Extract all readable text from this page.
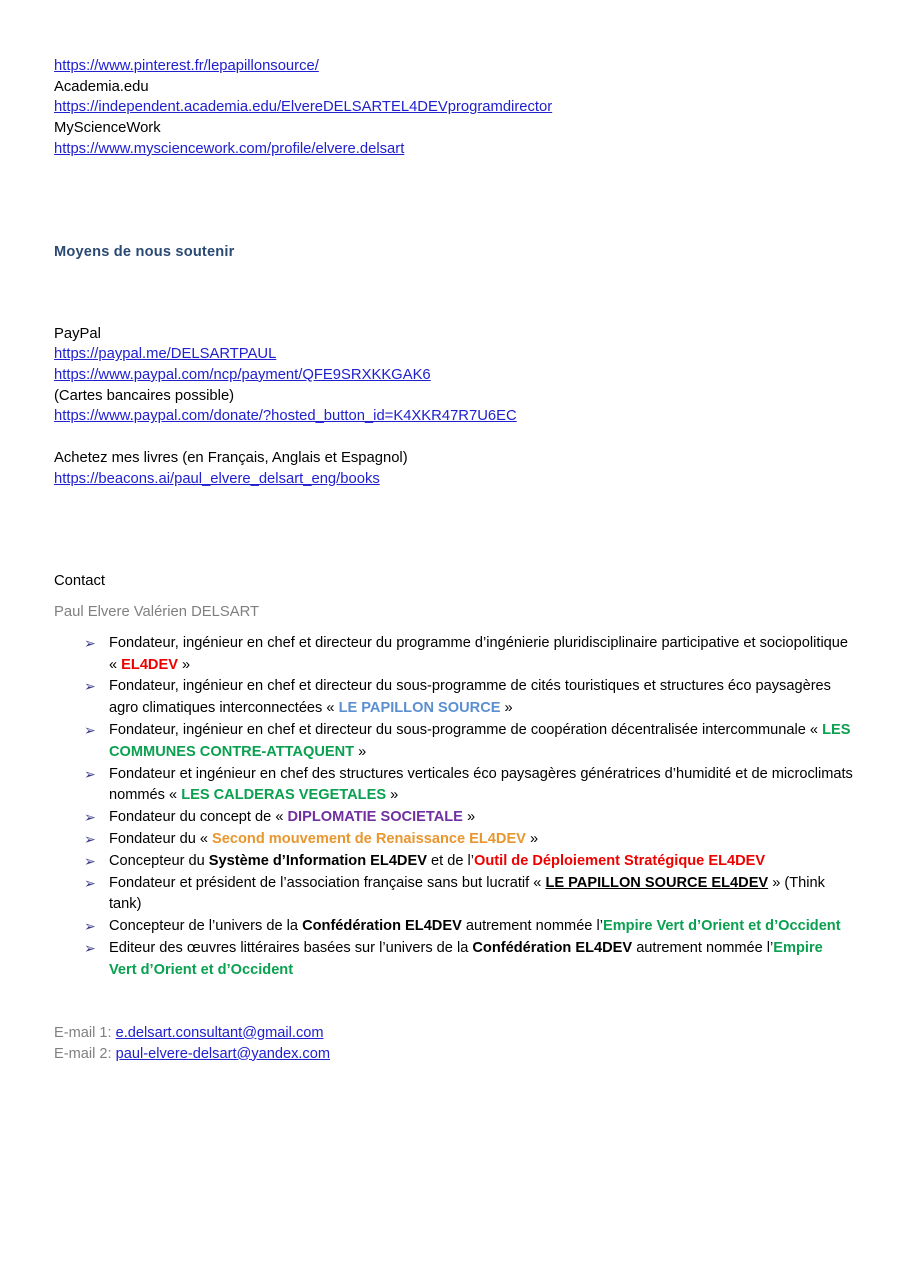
https://www.pinterest.fr/lepapillonsource/
Academia.edu
https://independent.academia.edu/ElvereDELSARTEL4DEVprogramdirector
MyScienceWork
https://www.mysciencework.com/profile/elvere.delsart
Moyens de nous soutenir
PayPal
https://paypal.me/DELSARTPAUL
https://www.paypal.com/ncp/payment/QFE9SRXKKGAK6
(Cartes bancaires possible)
https://www.paypal.com/donate/?hosted_button_id=K4XKR47R7U6EC
Achetez mes livres (en Français, Anglais et Espagnol)
https://beacons.ai/paul_elvere_delsart_eng/books
Contact
Paul Elvere Valérien DELSART
➢ Fondateur, ingénieur en chef et directeur du programme d’ingénierie pluridisciplinaire participative et sociopolitique « EL4DEV »
➢ Fondateur, ingénieur en chef et directeur du sous-programme de cités touristiques et structures éco paysagères agro climatiques interconnectées « LE PAPILLON SOURCE »
➢ Fondateur, ingénieur en chef et directeur du sous-programme de coopération décentralisée intercommunale « LES COMMUNES CONTRE-ATTAQUENT »
➢ Fondateur et ingénieur en chef des structures verticales éco paysagères génératrices d’humidité et de microclimats nommés « LES CALDERAS VEGETALES »
➢ Fondateur du concept de « DIPLOMATIE SOCIETALE »
➢ Fondateur du « Second mouvement de Renaissance EL4DEV »
➢ Concepteur du Système d’Information EL4DEV et de l’Outil de Déploiement Stratégique EL4DEV
➢ Fondateur et président de l’association française sans but lucratif « LE PAPILLON SOURCE EL4DEV » (Think tank)
➢ Concepteur de l’univers de la Confédération EL4DEV autrement nommée l’Empire Vert d’Orient et d’Occident
➢ Editeur des œuvres littéraires basées sur l’univers de la Confédération EL4DEV autrement nommée l’Empire Vert d’Orient et d’Occident
E-mail 1: e.delsart.consultant@gmail.com
E-mail 2: paul-elvere-delsart@yandex.com
